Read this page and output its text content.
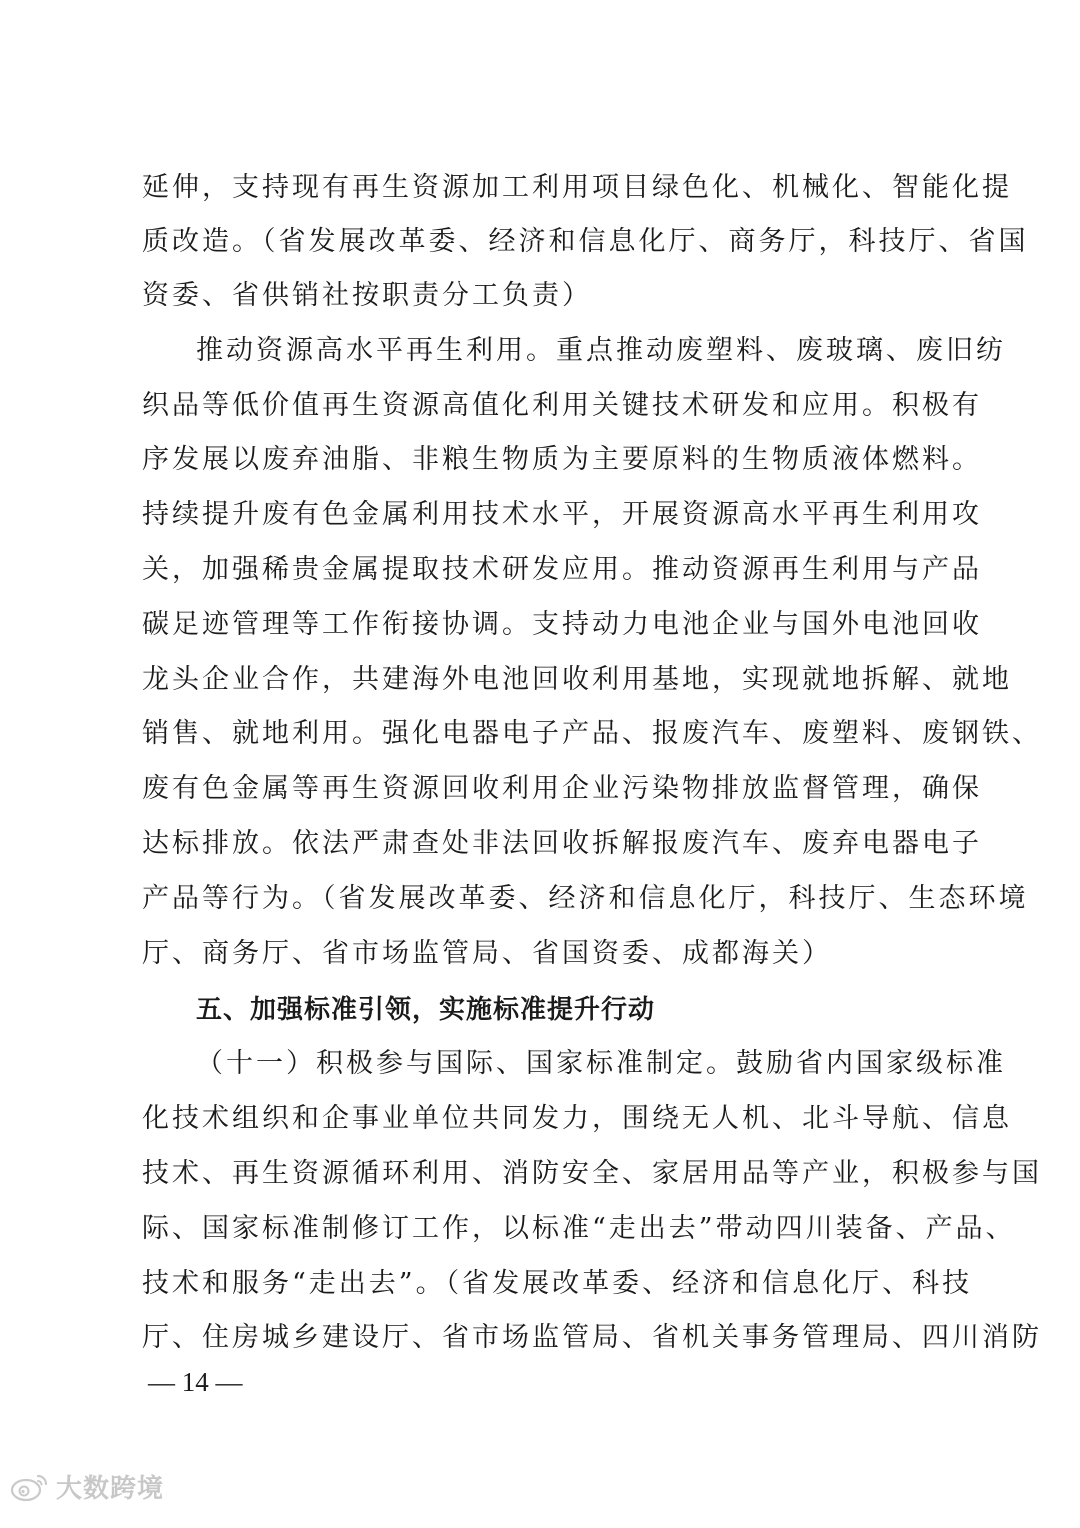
延伸，支持现有再生资源加工利用项目绿色化、机械化、智能化提
质改造。（省发展改革委、经济和信息化厅、商务厅，科技厅、省国
资委、省供销社按职责分工负责）
推动资源高水平再生利用。重点推动废塑料、废玻璃、废旧纺
织品等低价值再生资源高值化利用关键技术研发和应用。积极有
序发展以废弃油脂、非粮生物质为主要原料的生物质液体燃料。
持续提升废有色金属利用技术水平，开展资源高水平再生利用攻
关，加强稀贵金属提取技术研发应用。推动资源再生利用与产品
碳足迹管理等工作衔接协调。支持动力电池企业与国外电池回收
龙头企业合作，共建海外电池回收利用基地，实现就地拆解、就地
销售、就地利用。强化电器电子产品、报废汽车、废塑料、废钢铁、
废有色金属等再生资源回收利用企业污染物排放监督管理，确保
达标排放。依法严肃查处非法回收拆解报废汽车、废弃电器电子
产品等行为。（省发展改革委、经济和信息化厅，科技厅、生态环境
厅、商务厅、省市场监管局、省国资委、成都海关）
五、加强标准引领，实施标准提升行动
（十一）积极参与国际、国家标准制定。鼓励省内国家级标准
化技术组织和企事业单位共同发力，围绕无人机、北斗导航、信息
技术、再生资源循环利用、消防安全、家居用品等产业，积极参与国
际、国家标准制修订工作，以标准“走出去”带动四川装备、产品、
技术和服务“走出去”。（省发展改革委、经济和信息化厅、科技
厅、住房城乡建设厅、省市场监管局、省机关事务管理局、四川消防
— 14 —
大数跨境
